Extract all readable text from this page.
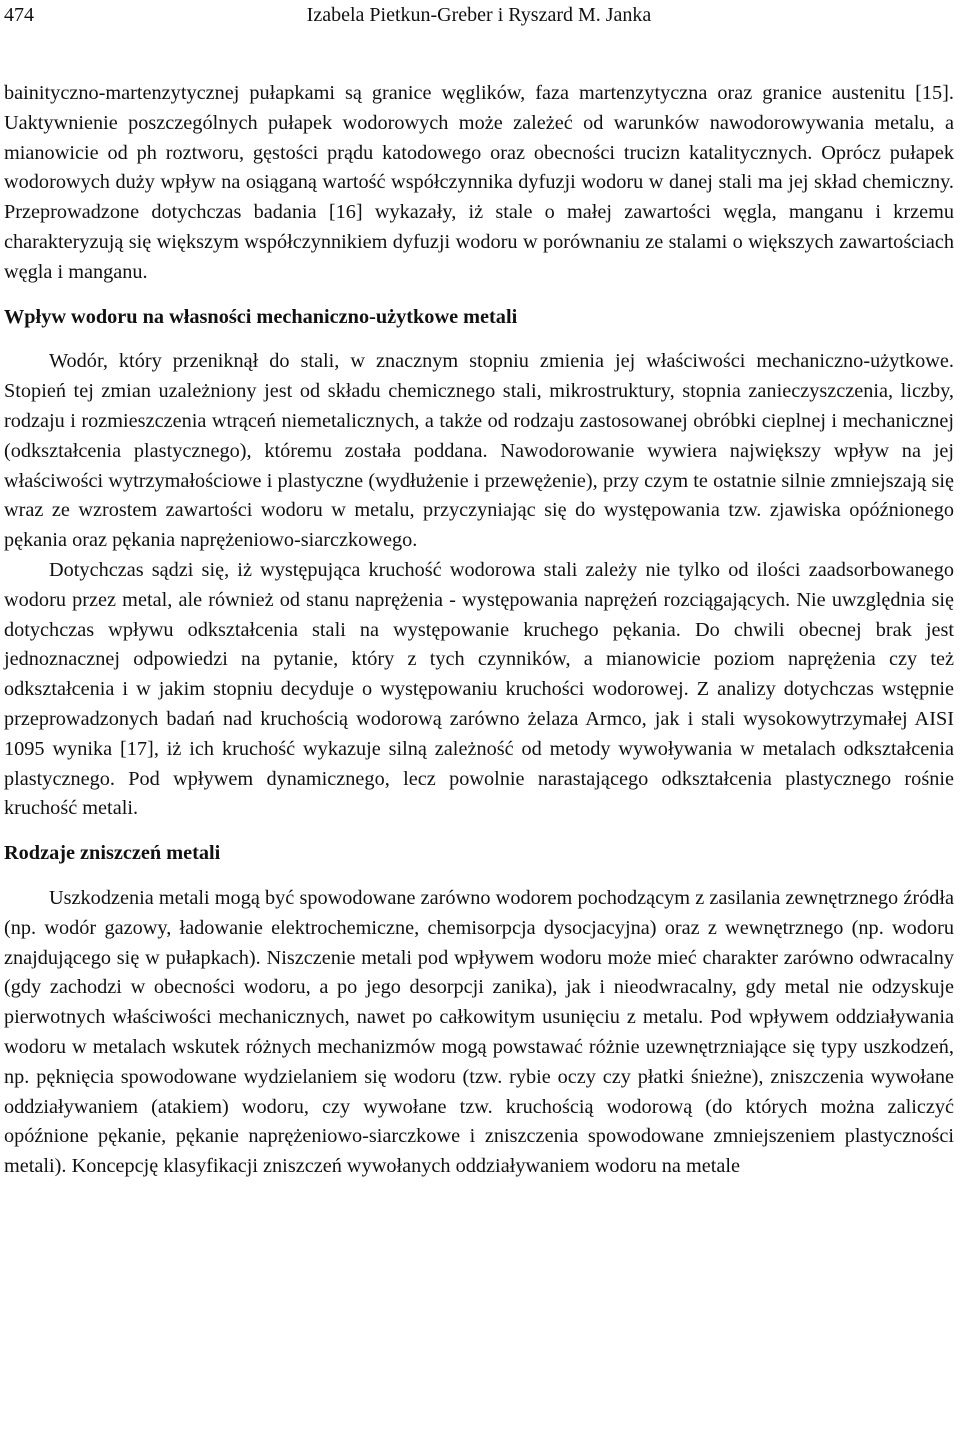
474	Izabela Pietkun-Greber i Ryszard M. Janka

bainityczno-martenzytycznej pułapkami są granice węglików, faza martenzytyczna oraz granice austenitu [15]. Uaktywnienie poszczególnych pułapek wodorowych może zależeć od warunków nawodorowywania metalu, a mianowicie od ph roztworu, gęstości prądu katodowego oraz obecności trucizn katalitycznych. Oprócz pułapek wodorowych duży wpływ na osiąganą wartość współczynnika dyfuzji wodoru w danej stali ma jej skład chemiczny. Przeprowadzone dotychczas badania [16] wykazały, iż stale o małej zawartości węgla, manganu i krzemu charakteryzują się większym współczynnikiem dyfuzji wodoru w porównaniu ze stalami o większych zawartościach węgla i manganu.

Wpływ wodoru na własności mechaniczno-użytkowe metali

Wodór, który przeniknął do stali, w znacznym stopniu zmienia jej właściwości mechaniczno-użytkowe. Stopień tej zmian uzależniony jest od składu chemicznego stali, mikrostruktury, stopnia zanieczyszczenia, liczby, rodzaju i rozmieszczenia wtrąceń niemetalicznych, a także od rodzaju zastosowanej obróbki cieplnej i mechanicznej (odkształcenia plastycznego), któremu została poddana. Nawodorowanie wywiera największy wpływ na jej właściwości wytrzymałościowe i plastyczne (wydłużenie i przewężenie), przy czym te ostatnie silnie zmniejszają się wraz ze wzrostem zawartości wodoru w metalu, przyczyniając się do występowania tzw. zjawiska opóźnionego pękania oraz pękania naprężeniowo-siarczkowego.

Dotychczas sądzi się, iż występująca kruchość wodorowa stali zależy nie tylko od ilości zaadsorbowanego wodoru przez metal, ale również od stanu naprężenia - występowania naprężeń rozciągających. Nie uwzględnia się dotychczas wpływu odkształcenia stali na występowanie kruchego pękania. Do chwili obecnej brak jest jednoznacznej odpowiedzi na pytanie, który z tych czynników, a mianowicie poziom naprężenia czy też odkształcenia i w jakim stopniu decyduje o występowaniu kruchości wodorowej. Z analizy dotychczas wstępnie przeprowadzonych badań nad kruchością wodorową zarówno żelaza Armco, jak i stali wysokowytrzymałej AISI 1095 wynika [17], iż ich kruchość wykazuje silną zależność od metody wywoływania w metalach odkształcenia plastycznego. Pod wpływem dynamicznego, lecz powolnie narastającego odkształcenia plastycznego rośnie kruchość metali.

Rodzaje zniszczeń metali

Uszkodzenia metali mogą być spowodowane zarówno wodorem pochodzącym z zasilania zewnętrznego źródła (np. wodór gazowy, ładowanie elektrochemiczne, chemisorpcja dysocjacyjna) oraz z wewnętrznego (np. wodoru znajdującego się w pułapkach). Niszczenie metali pod wpływem wodoru może mieć charakter zarówno odwracalny (gdy zachodzi w obecności wodoru, a po jego desorpcji zanika), jak i nieodwracalny, gdy metal nie odzyskuje pierwotnych właściwości mechanicznych, nawet po całkowitym usunięciu z metalu. Pod wpływem oddziaływania wodoru w metalach wskutek różnych mechanizmów mogą powstawać różnie uzewnętrzniające się typy uszkodzeń, np. pęknięcia spowodowane wydzielaniem się wodoru (tzw. rybie oczy czy płatki śnieżne), zniszczenia wywołane oddziaływaniem (atakiem) wodoru, czy wywołane tzw. kruchością wodorową (do których można zaliczyć opóźnione pękanie, pękanie naprężeniowo-siarczkowe i zniszczenia spowodowane zmniejszeniem plastyczności metali). Koncepcję klasyfikacji zniszczeń wywołanych oddziaływaniem wodoru na metale
